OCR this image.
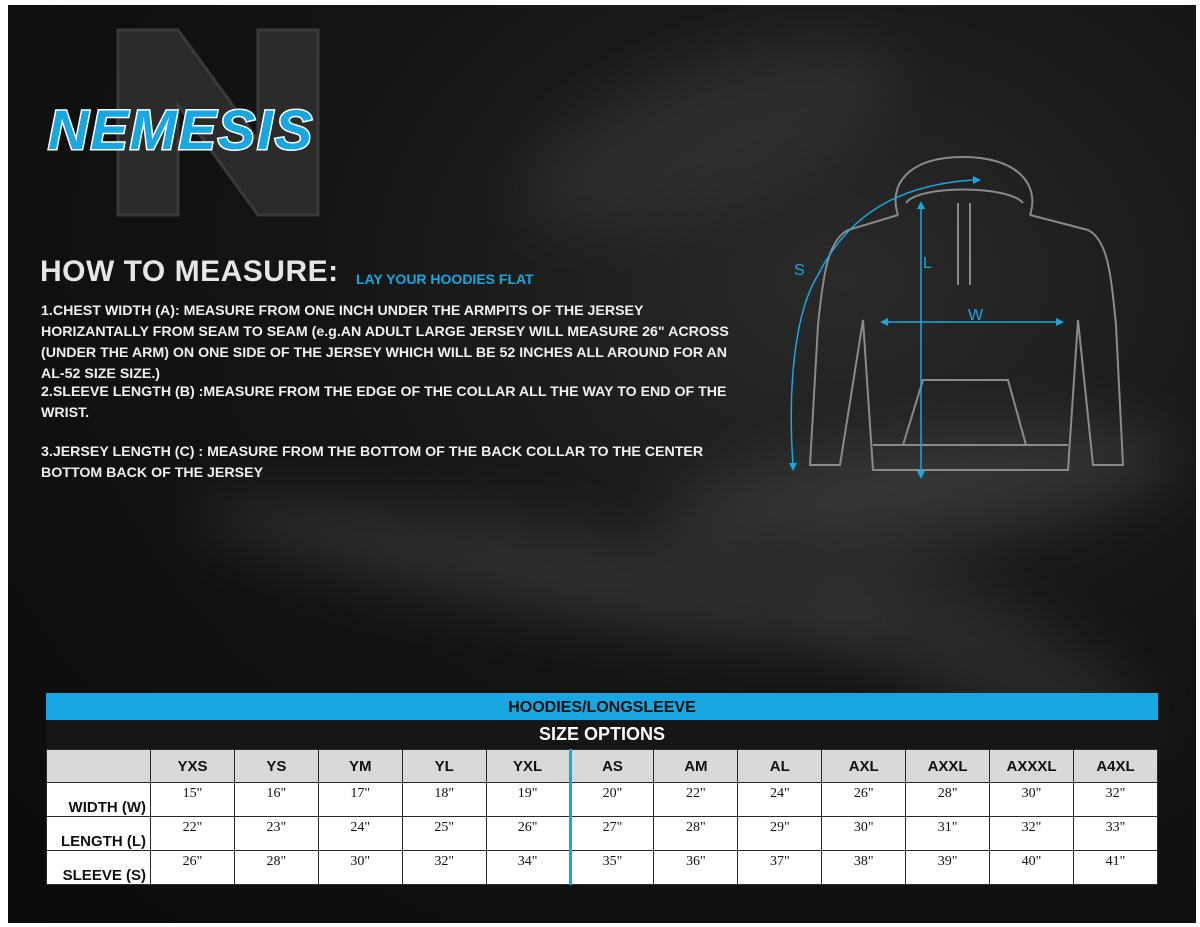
NEMESIS
HOW TO MEASURE: LAY YOUR HOODIES FLAT
1.CHEST WIDTH (A): MEASURE FROM ONE INCH UNDER THE ARMPITS OF THE JERSEY HORIZANTALLY FROM SEAM TO SEAM (e.g.AN ADULT LARGE JERSEY WILL MEASURE 26" ACROSS (UNDER THE ARM) ON ONE SIDE OF THE JERSEY WHICH WILL BE 52 INCHES ALL AROUND FOR AN AL-52 SIZE SIZE.)
2.SLEEVE LENGTH (B) :MEASURE FROM THE EDGE OF THE COLLAR ALL THE WAY TO END OF THE WRIST.
3.JERSEY LENGTH (C) : MEASURE FROM THE BOTTOM OF THE BACK COLLAR TO THE CENTER BOTTOM BACK OF THE JERSEY
S	L
W
HOODIES/LONGSLEEVE
SIZE OPTIONS
	YXS	YS	YM	YL	YXL	AS	AM	AL	AXL	AXXL	AXXXL	A4XL
WIDTH (W)	15"	16"	17"	18"	19"	20"	22"	24"	26"	28"	30"	32"
LENGTH (L)	22"	23"	24"	25"	26"	27"	28"	29"	30"	31"	32"	33"
SLEEVE (S)	26"	28"	30"	32"	34"	35"	36"	37"	38"	39"	40"	41"
